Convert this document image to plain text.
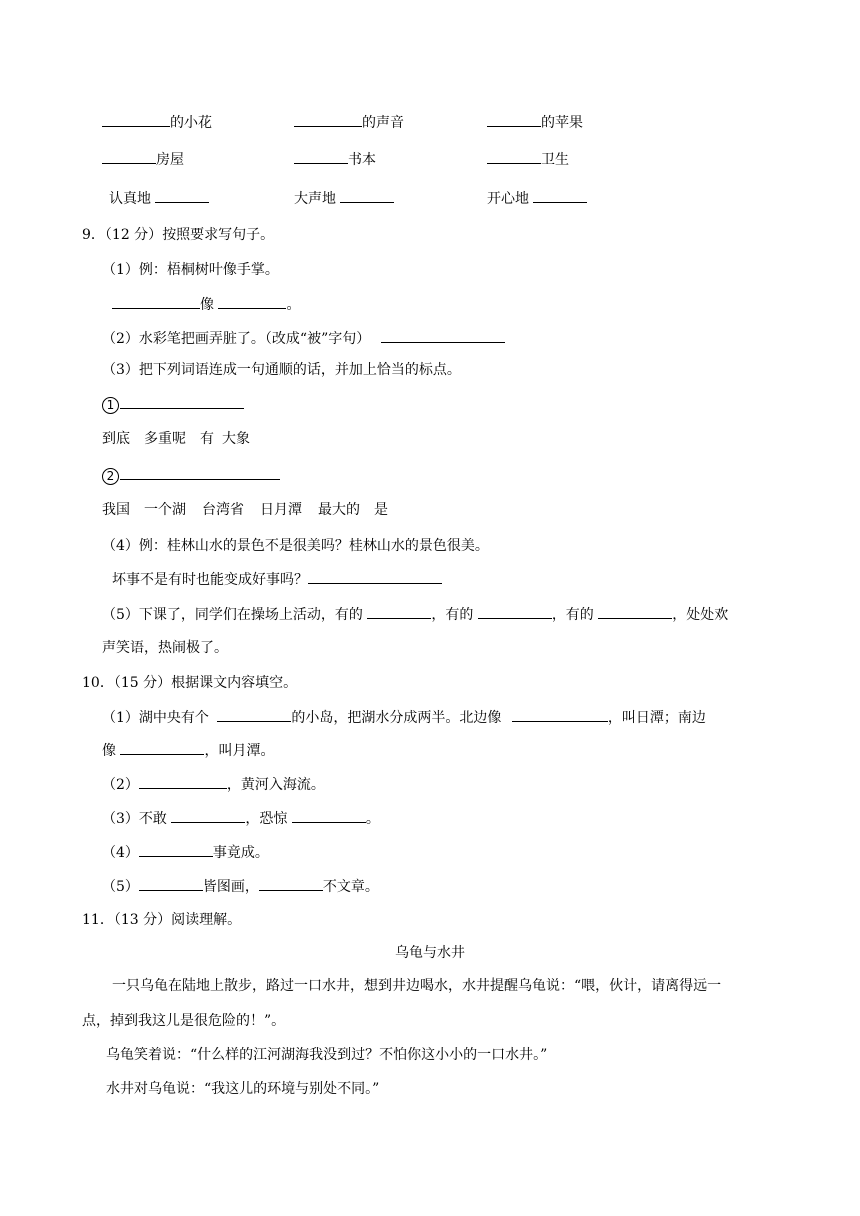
的小花	的声音	的苹果
房屋	书本	卫生
认真地	大声地	开心地
9．（12 分）按照要求写句子。
（1）例：梧桐树叶像手掌。
像	。
（2）水彩笔把画弄脏了。（改成“被”字句）
（3）把下列词语连成一句通顺的话，并加上恰当的标点。
1
到底 多重呢 有 大象
2
我国 一个湖 台湾省 日月潭 最大的 是
（4）例：桂林山水的景色不是很美吗？桂林山水的景色很美。
坏事不是有时也能变成好事吗？
（5）下课了，同学们在操场上活动，有的	，有的	，有的	，处处欢
声笑语，热闹极了。
10．（15 分）根据课文内容填空。
（1）湖中央有个	的小岛，把湖水分成两半。北边像	，叫日潭；南边
像	，叫月潭。
（2）	，黄河入海流。
（3）不敢	，恐惊	。
（4）	事竟成。
（5）	皆图画，	不文章。
11．（13 分）阅读理解。
乌龟与水井
一只乌龟在陆地上散步，路过一口水井，想到井边喝水，水井提醒乌龟说：“喂，伙计，请离得远一
点，掉到我这儿是很危险的！”。
乌龟笑着说：“什么样的江河湖海我没到过？不怕你这小小的一口水井。”
水井对乌龟说：“我这儿的环境与别处不同。”
